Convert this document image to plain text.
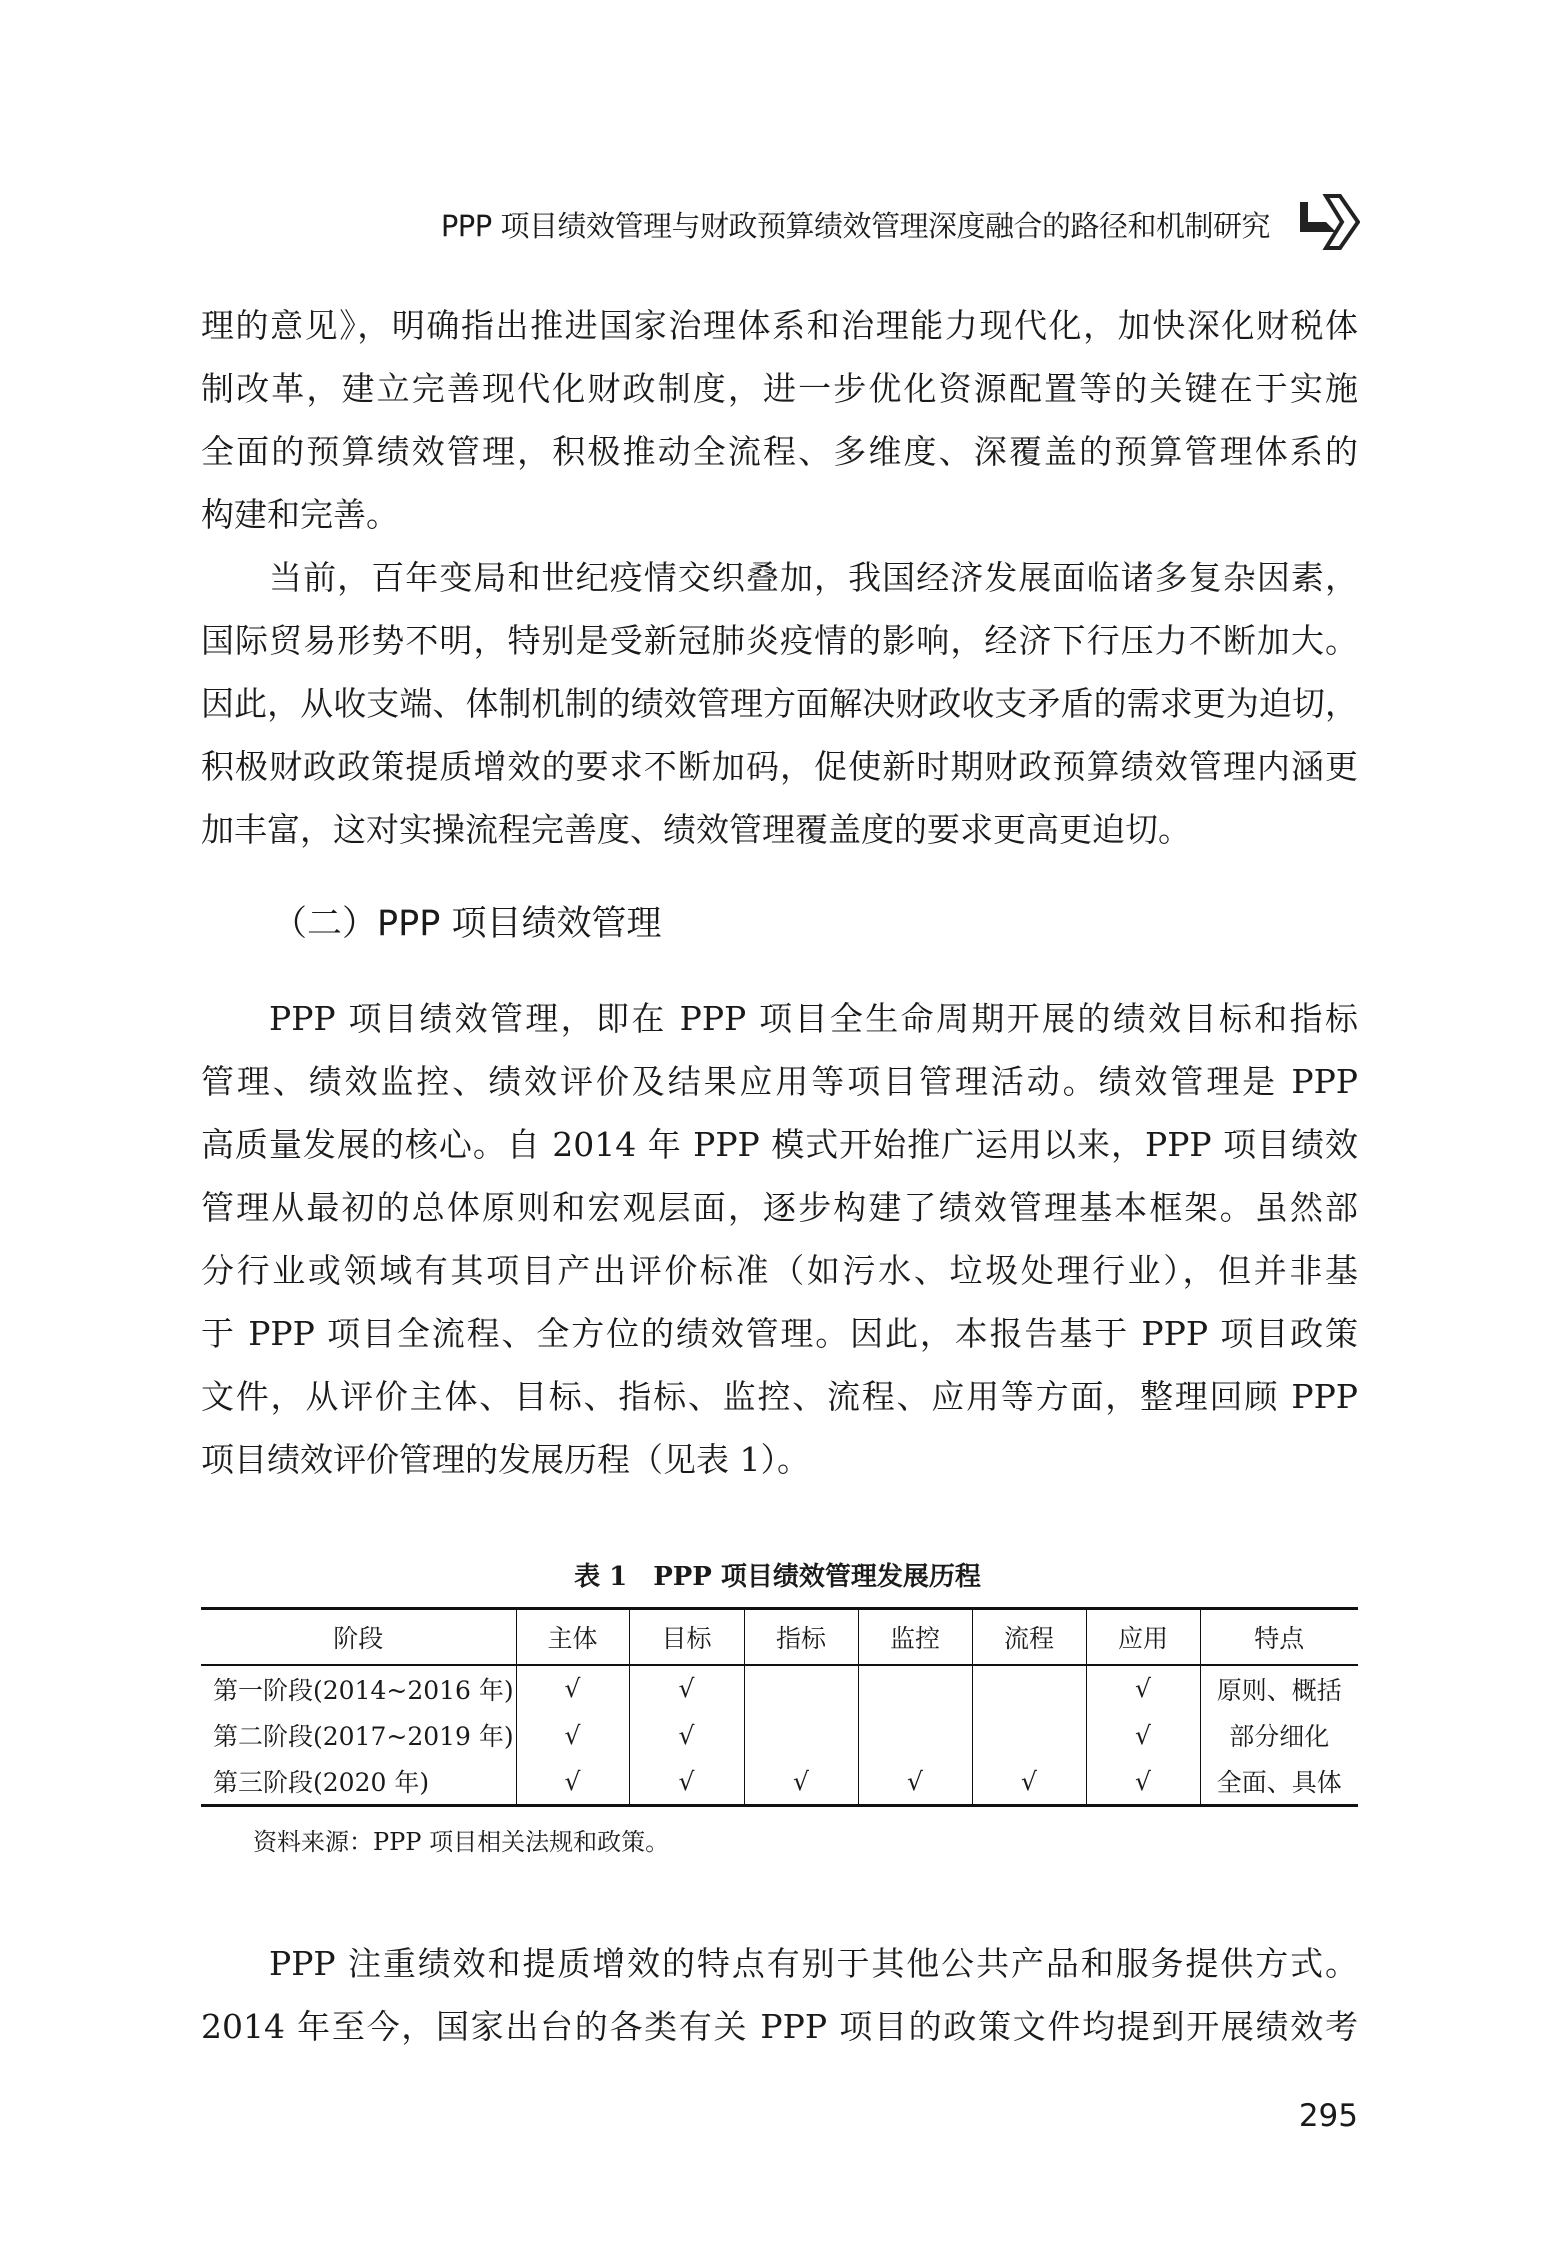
PPP 项目绩效管理与财政预算绩效管理深度融合的路径和机制研究
理的意见》，明确指出推进国家治理体系和治理能力现代化，加快深化财税体
制改革，建立完善现代化财政制度，进一步优化资源配置等的关键在于实施
全面的预算绩效管理，积极推动全流程、多维度、深覆盖的预算管理体系的
构建和完善。
当前，百年变局和世纪疫情交织叠加，我国经济发展面临诸多复杂因素，
国际贸易形势不明，特别是受新冠肺炎疫情的影响，经济下行压力不断加大。
因此，从收支端、体制机制的绩效管理方面解决财政收支矛盾的需求更为迫切，
积极财政政策提质增效的要求不断加码，促使新时期财政预算绩效管理内涵更
加丰富，这对实操流程完善度、绩效管理覆盖度的要求更高更迫切。
（二）PPP 项目绩效管理
PPP 项目绩效管理，即在 PPP 项目全生命周期开展的绩效目标和指标
管理、绩效监控、绩效评价及结果应用等项目管理活动。绩效管理是 PPP
高质量发展的核心。自 2014 年 PPP 模式开始推广运用以来，PPP 项目绩效
管理从最初的总体原则和宏观层面，逐步构建了绩效管理基本框架。虽然部
分行业或领域有其项目产出评价标准（如污水、垃圾处理行业），但并非基
于 PPP 项目全流程、全方位的绩效管理。因此，本报告基于 PPP 项目政策
文件，从评价主体、目标、指标、监控、流程、应用等方面，整理回顾 PPP
项目绩效评价管理的发展历程（见表 1）。
表 1　PPP 项目绩效管理发展历程
阶段	主体	目标	指标	监控	流程	应用	特点
第一阶段(2014~2016 年)	√	√				√	原则、概括
第二阶段(2017~2019 年)	√	√				√	部分细化
第三阶段(2020 年)	√	√	√	√	√	√	全面、具体
资料来源：PPP 项目相关法规和政策。
PPP 注重绩效和提质增效的特点有别于其他公共产品和服务提供方式。
2014 年至今，国家出台的各类有关 PPP 项目的政策文件均提到开展绩效考
295
